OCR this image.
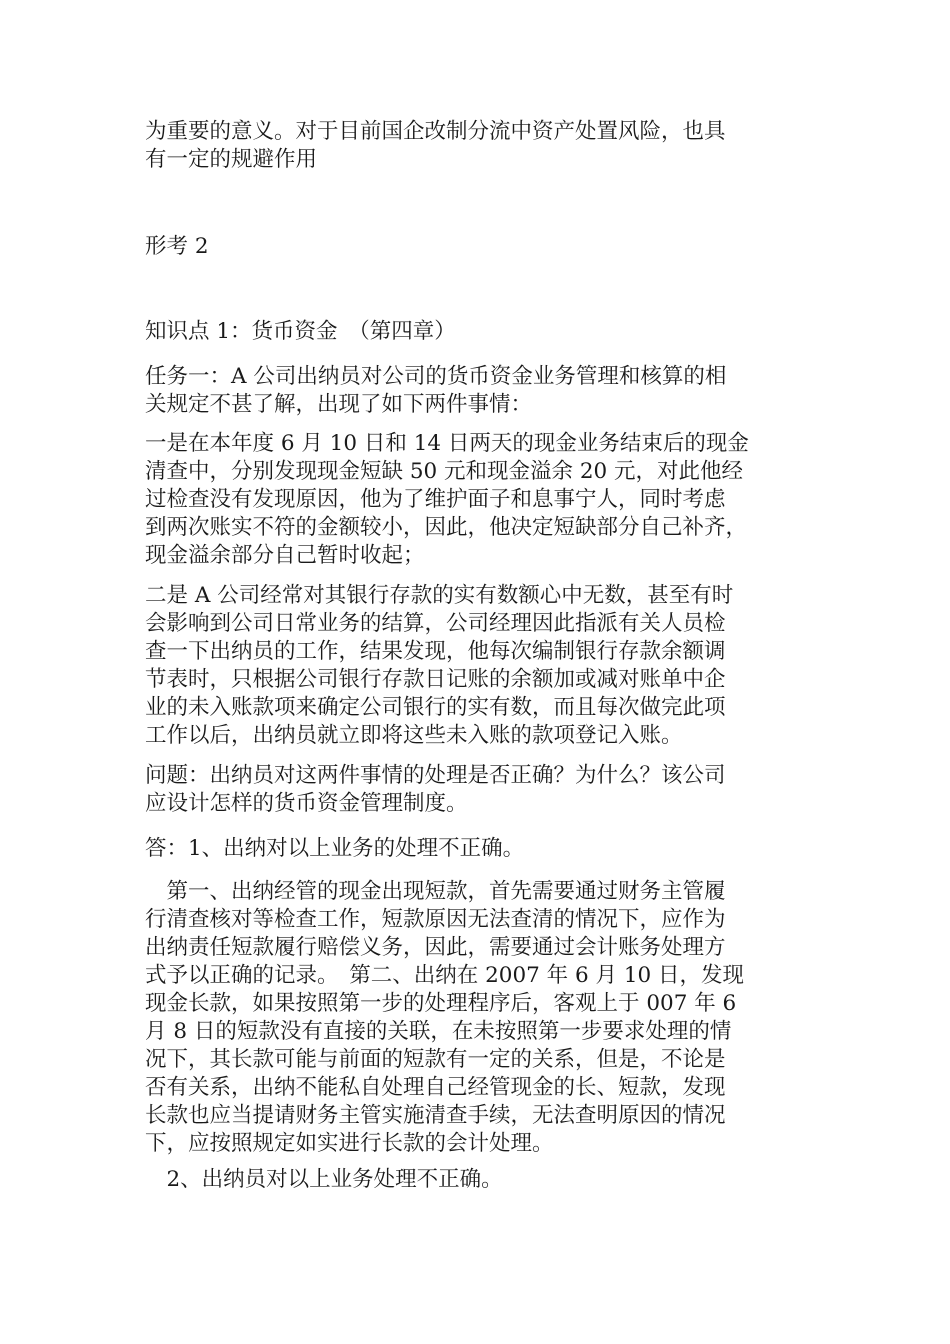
为重要的意义。对于目前国企改制分流中资产处置风险，也具
有一定的规避作用

形考 2

知识点 1：货币资金　（第四章）

任务一：A 公司出纳员对公司的货币资金业务管理和核算的相
关规定不甚了解，出现了如下两件事情：

一是在本年度 6 月 10 日和 14 日两天的现金业务结束后的现金
清查中，分别发现现金短缺 50 元和现金溢余 20 元，对此他经
过检查没有发现原因，他为了维护面子和息事宁人，同时考虑
到两次账实不符的金额较小，因此，他决定短缺部分自己补齐，
现金溢余部分自己暂时收起；

二是 A 公司经常对其银行存款的实有数额心中无数，甚至有时
会影响到公司日常业务的结算，公司经理因此指派有关人员检
查一下出纳员的工作，结果发现，他每次编制银行存款余额调
节表时，只根据公司银行存款日记账的余额加或减对账单中企
业的未入账款项来确定公司银行的实有数，而且每次做完此项
工作以后，出纳员就立即将这些未入账的款项登记入账。

问题：出纳员对这两件事情的处理是否正确？为什么？该公司
应设计怎样的货币资金管理制度。

答：1、出纳对以上业务的处理不正确。

　第一、出纳经管的现金出现短款，首先需要通过财务主管履
行清查核对等检查工作，短款原因无法查清的情况下，应作为
出纳责任短款履行赔偿义务，因此，需要通过会计账务处理方
式予以正确的记录。　第二、出纳在 2007 年 6 月 10 日，发现
现金长款，如果按照第一步的处理程序后，客观上于 007 年 6
月 8 日的短款没有直接的关联，在未按照第一步要求处理的情
况下，其长款可能与前面的短款有一定的关系，但是，不论是
否有关系，出纳不能私自处理自己经管现金的长、短款，发现
长款也应当提请财务主管实施清查手续，无法查明原因的情况
下，应按照规定如实进行长款的会计处理。

　2、出纳员对以上业务处理不正确。
